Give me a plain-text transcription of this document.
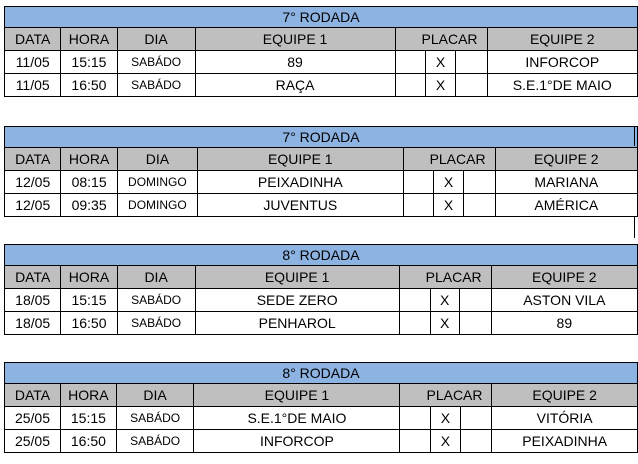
7° RODADA							
DATA	HORA	DIA	EQUIPE 1	PLACAR			EQUIPE 2
11/05	15:15	SABÁDO	89		X		INFORCOP
11/05	16:50	SABÁDO	RAÇA		X		S.E.1°DE MAIO
7° RODADA							
DATA	HORA	DIA	EQUIPE 1	PLACAR			EQUIPE 2
12/05	08:15	DOMINGO	PEIXADINHA		X		MARIANA
12/05	09:35	DOMINGO	JUVENTUS		X		AMÉRICA
8° RODADA							
DATA	HORA	DIA	EQUIPE 1	PLACAR			EQUIPE 2
18/05	15:15	SABÁDO	SEDE ZERO		X		ASTON VILA
18/05	16:50	SABÁDO	PENHAROL		X		89
8° RODADA							
DATA	HORA	DIA	EQUIPE 1	PLACAR			EQUIPE 2
25/05	15:15	SABÁDO	S.E.1°DE MAIO		X		VITÓRIA
25/05	16:50	SABÁDO	INFORCOP		X		PEIXADINHA
